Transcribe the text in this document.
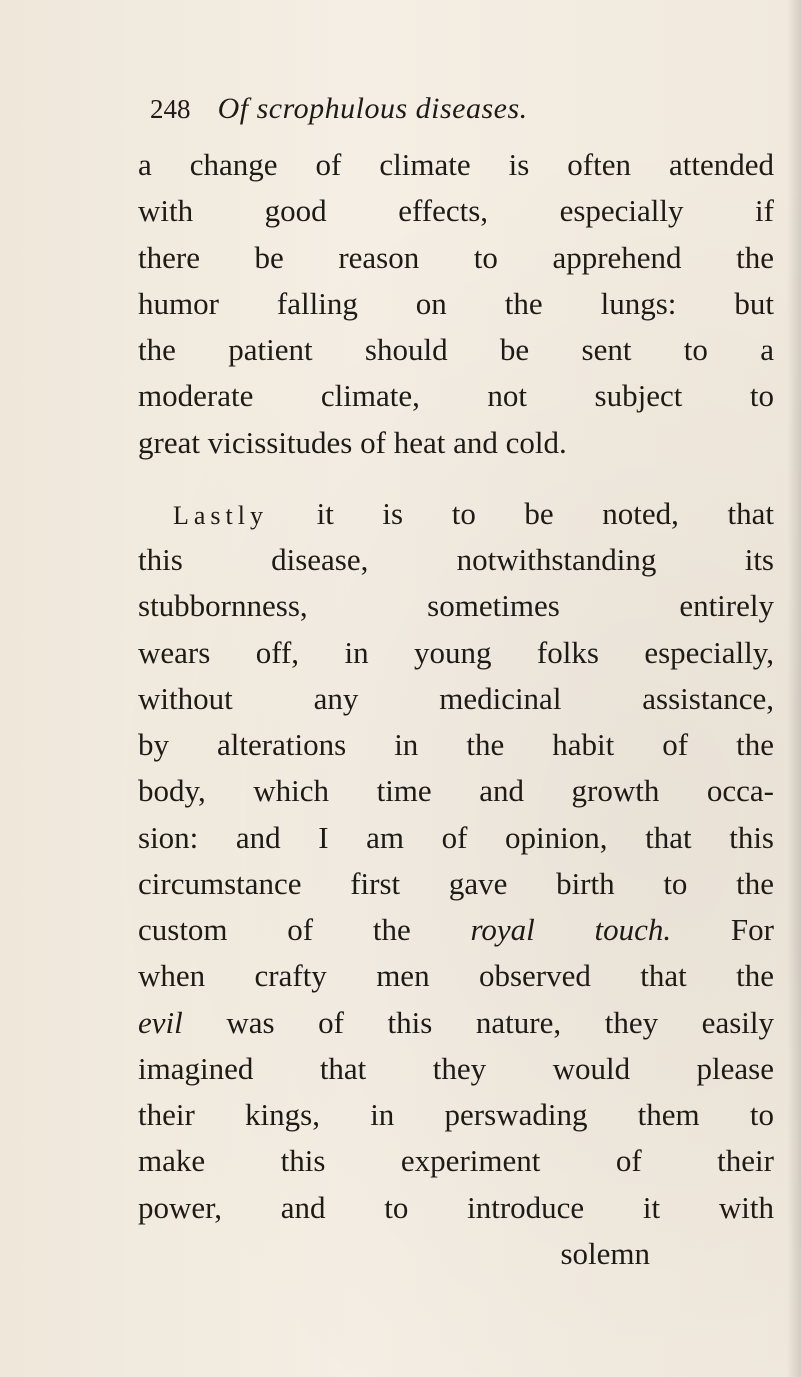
248 Of scrophulous diseases.
a change of climate is often attended
with good effects, especially if
there be reason to apprehend the
humor falling on the lungs: but
the patient should be sent to a
moderate climate, not subject to
great vicissitudes of heat and cold.
Lastly it is to be noted, that
this disease, notwithstanding its
stubbornness, sometimes entirely
wears off, in young folks especially,
without any medicinal assistance,
by alterations in the habit of the
body, which time and growth occa-
sion: and I am of opinion, that this
circumstance first gave birth to the
custom of the royal touch. For
when crafty men observed that the
evil was of this nature, they easily
imagined that they would please
their kings, in perswading them to
make this experiment of their
power, and to introduce it with
solemn
